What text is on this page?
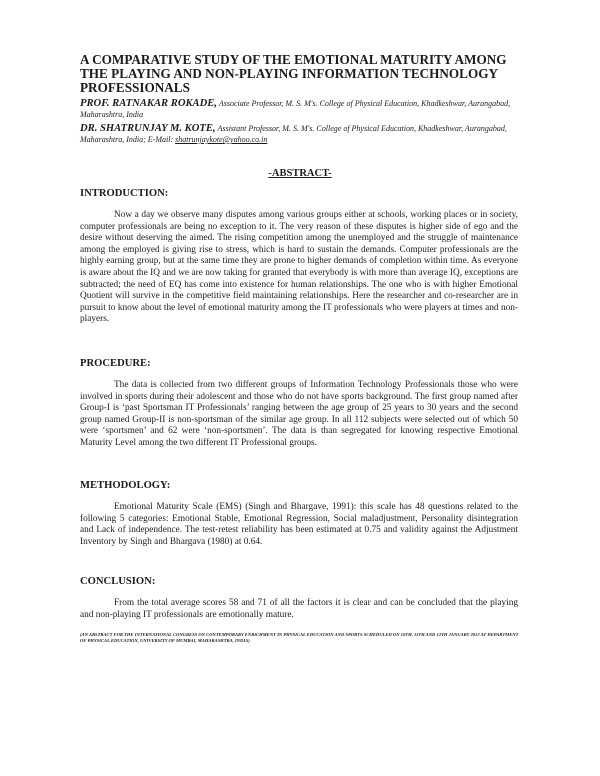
A COMPARATIVE STUDY OF THE EMOTIONAL MATURITY AMONG THE PLAYING AND NON-PLAYING INFORMATION TECHNOLOGY PROFESSIONALS
PROF. RATNAKAR ROKADE, Associate Professor, M. S. M's. College of Physical Education, Khadkeshwar, Aurangabad, Maharashtra, India
DR. SHATRUNJAY M. KOTE, Assistant Professor, M. S. M's. College of Physical Education, Khadkeshwar, Aurangabad, Maharashtra, India; E-Mail: shatrunjaykote@yahoo.co.in
-ABSTRACT-
INTRODUCTION:

Now a day we observe many disputes among various groups either at schools, working places or in society, computer professionals are being no exception to it. The very reason of these disputes is higher side of ego and the desire without deserving the aimed. The rising competition among the unemployed and the struggle of maintenance among the employed is giving rise to stress, which is hard to sustain the demands. Computer professionals are the highly earning group, but at the same time they are prone to higher demands of completion within time. As everyone is aware about the IQ and we are now taking for granted that everybody is with more than average IQ, exceptions are subtracted; the need of EQ has come into existence for human relationships. The one who is with higher Emotional Quotient will survive in the competitive field maintaining relationships. Here the researcher and co-researcher are in pursuit to know about the level of emotional maturity among the IT professionals who were players at times and non-players.

PROCEDURE:

The data is collected from two different groups of Information Technology Professionals those who were involved in sports during their adolescent and those who do not have sports background. The first group named after Group-I is ‘past Sportsman IT Professionals’ ranging between the age group of 25 years to 30 years and the second group named Group-II is non-sportsman of the similar age group. In all 112 subjects were selected out of which 50 were ‘sportsmen’ and 62 were ‘non-sportsmen’. The data is than segregated for knowing respective Emotional Maturity Level among the two different IT Professional groups.

METHODOLOGY:

Emotional Maturity Scale (EMS) (Singh and Bhargave, 1991): this scale has 48 questions related to the following 5 categories: Emotional Stable, Emotional Regression, Social maladjustment, Personality disintegration and Lack of independence. The test-retest reliability has been estimated at 0.75 and validity against the Adjustment Inventory by Singh and Bhargava (1980) at 0.64.

CONCLUSION:

From the total average scores 58 and 71 of all the factors it is clear and can be concluded that the playing and non-playing IT professionals are emotionally mature.

(AN ABSTRACT FOR THE INTERNATIONAL CONGRESS ON CONTEMPORARY ENRICHMENT IN PHYSICAL EDUCATION AND SPORTS SCHEDULED ON 10TH, 11TH AND 12TH JANUARY 2012 AT DEPARTMENT OF PHYSICAL EDUCATION, UNIVERSITY OF MUMBAI, MAHARASHTRA, INDIA)
